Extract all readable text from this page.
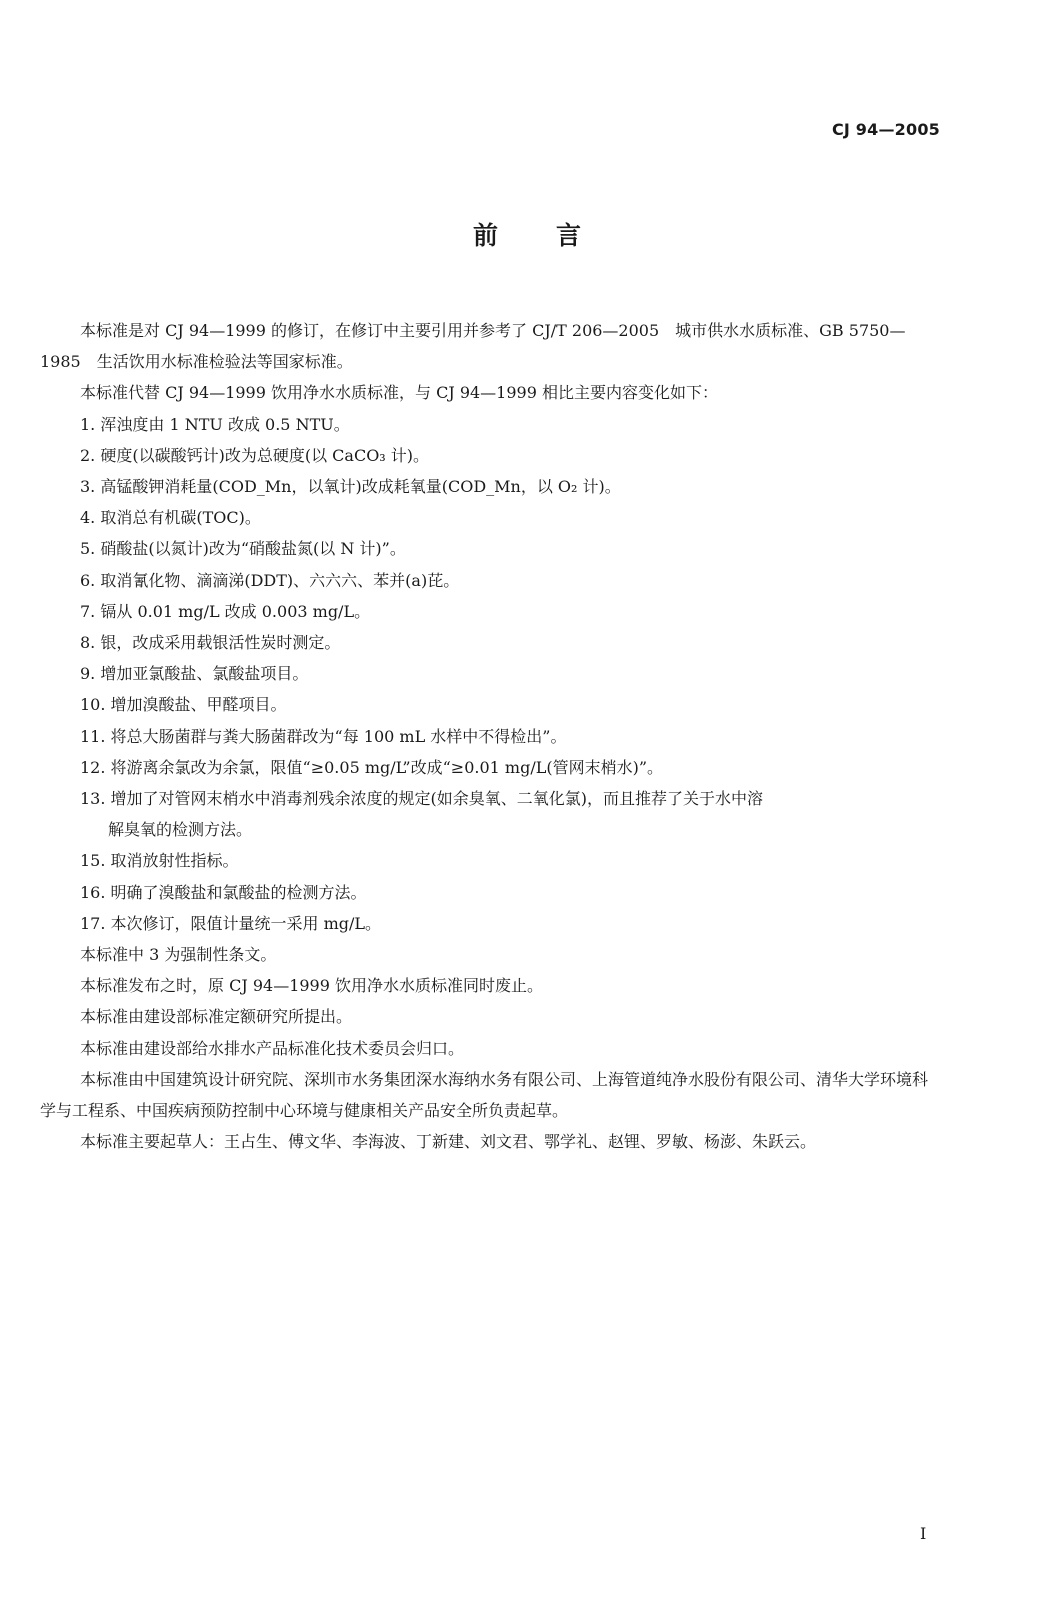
CJ 94—2005
前言

本标准是对 CJ 94—1999 的修订，在修订中主要引用并参考了 CJ/T 206—2005　城市供水水质标准、GB 5750—1985　生活饮用水标准检验法等国家标准。

本标准代替 CJ 94—1999 饮用净水水质标准，与 CJ 94—1999 相比主要内容变化如下：

1. 浑浊度由 1 NTU 改成 0.5 NTU。

2. 硬度(以碳酸钙计)改为总硬度(以 CaCO₃ 计)。

3. 高锰酸钾消耗量(COD_Mn，以氧计)改成耗氧量(COD_Mn，以 O₂ 计)。

4. 取消总有机碳(TOC)。

5. 硝酸盐(以氮计)改为“硝酸盐氮(以 N 计)”。

6. 取消氰化物、滴滴涕(DDT)、六六六、苯并(a)芘。

7. 镉从 0.01 mg/L 改成 0.003 mg/L。

8. 银，改成采用载银活性炭时测定。

9. 增加亚氯酸盐、氯酸盐项目。

10. 增加溴酸盐、甲醛项目。

11. 将总大肠菌群与粪大肠菌群改为“每 100 mL 水样中不得检出”。

12. 将游离余氯改为余氯，限值“≥0.05 mg/L”改成“≥0.01 mg/L(管网末梢水)”。

13. 增加了对管网末梢水中消毒剂残余浓度的规定(如余臭氧、二氧化氯)，而且推荐了关于水中溶
解臭氧的检测方法。

15. 取消放射性指标。

16. 明确了溴酸盐和氯酸盐的检测方法。

17. 本次修订，限值计量统一采用 mg/L。

本标准中 3 为强制性条文。

本标准发布之时，原 CJ 94—1999 饮用净水水质标准同时废止。

本标准由建设部标准定额研究所提出。

本标准由建设部给水排水产品标准化技术委员会归口。

本标准由中国建筑设计研究院、深圳市水务集团深水海纳水务有限公司、上海管道纯净水股份有限公司、清华大学环境科学与工程系、中国疾病预防控制中心环境与健康相关产品安全所负责起草。

本标准主要起草人：王占生、傅文华、李海波、丁新建、刘文君、鄂学礼、赵锂、罗敏、杨澎、朱跃云。

I
